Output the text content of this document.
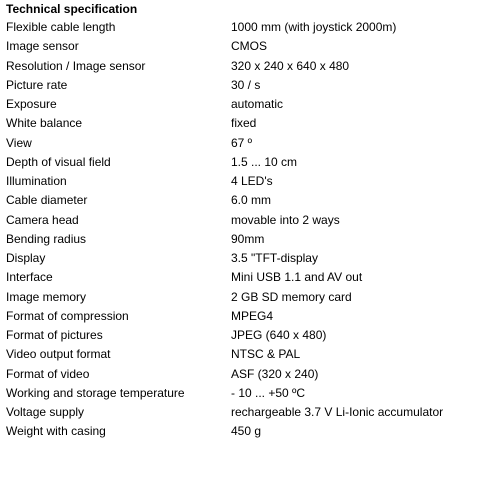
Technical specification
Flexible cable length	1000 mm (with joystick 2000m)
Image sensor	CMOS
Resolution / Image sensor	320 x 240 x 640 x 480
Picture rate	30 / s
Exposure	automatic
White balance	fixed
View	67 º
Depth of visual field	1.5 ... 10 cm
Illumination	4 LED's
Cable diameter	6.0 mm
Camera head	movable into 2 ways
Bending radius	90mm
Display	3.5 "TFT-display
Interface	Mini USB 1.1 and AV out
Image memory	2 GB SD memory card
Format of compression	MPEG4
Format of pictures	JPEG (640 x 480)
Video output format	NTSC & PAL
Format of video	ASF (320 x 240)
Working and storage temperature	- 10 ... +50 ºC
Voltage supply	rechargeable 3.7 V Li-Ionic accumulator
Weight with casing	450 g
